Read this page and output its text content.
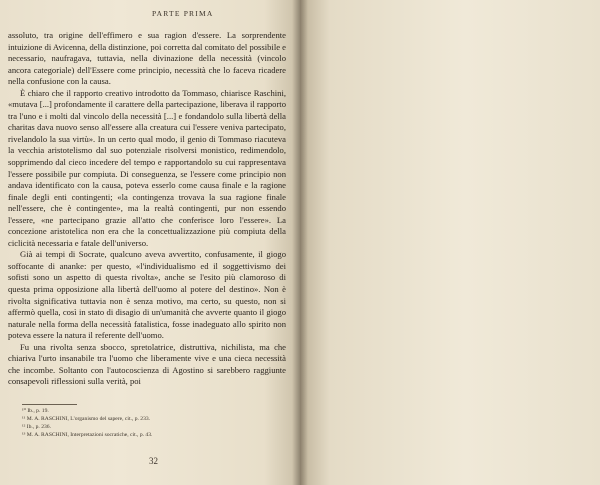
PARTE PRIMA

assoluto, tra origine dell'effimero e sua ragion d'essere. La sorprendente intuizione di Avicenna, della distinzione, poi corretta dal comitato del possibile e necessario, naufragava, tuttavia, nella divinazione della necessità (vincolo ancora categoriale) dell'Essere come principio, necessità che lo faceva ricadere nella confusione con la causa.

È chiaro che il rapporto creativo introdotto da Tommaso, chiarisce Raschini, «mutava [...] profondamente il carattere della partecipazione, liberava il rapporto tra l'uno e i molti dal vincolo della necessità [...] e fondandolo sulla libertà della charitas dava nuovo senso all'essere alla creatura cui l'essere veniva partecipato, rivelandolo la sua virtù». In un certo qual modo, il genio di Tommaso riacuteva la vecchia aristotelismo dal suo potenziale risolversi monistico, redimendolo, sopprimendo dal cieco incedere del tempo e rapportandolo su cui rappresentava l'essere possibile pur compiuta. Di conseguenza, se l'essere come principio non andava identificato con la causa, poteva esserlo come causa finale e la ragione finale degli enti contingenti; «la contingenza trovava la sua ragione finale nell'essere, che è contingente», ma la realtà contingenti, pur non essendo l'essere, «ne partecipano grazie all'atto che conferisce loro l'essere». La concezione aristotelica non era che la concettualizzazione più compiuta della ciclicità necessaria e fatale dell'universo.

Già ai tempi di Socrate, qualcuno aveva avvertito, confusamente, il giogo soffocante di ananke: per questo, «l'individualismo ed il soggettivismo dei sofisti sono un aspetto di questa rivolta», anche se l'esito più clamoroso di questa prima opposizione alla libertà dell'uomo al potere del destino». Non è rivolta significativa tuttavia non è senza motivo, ma certo, su questo, non si affermò quella, così in stato di disagio di un'umanità che avverte quanto il giogo naturale nella forma della necessità fatalistica, fosse inadeguato allo spirito non poteva essere la natura il referente dell'uomo.

Fu una rivolta senza sbocco, spretolatrice, distruttiva, nichilista, ma che chiariva l'urto insanabile tra l'uomo che liberamente vive e una cieca necessità che incombe. Soltanto con l'autocoscienza di Agostino si sarebbero raggiunte consapevoli riflessioni sulla verità, poi

¹⁰ Ib., p. 19.
¹¹ M. A. RASCHINI, L'organismo del sapere, cit., p. 233.
¹² Ib., p. 236.
¹³ M. A. RASCHINI, Interpretazioni socratiche, cit., p. 43.
32
